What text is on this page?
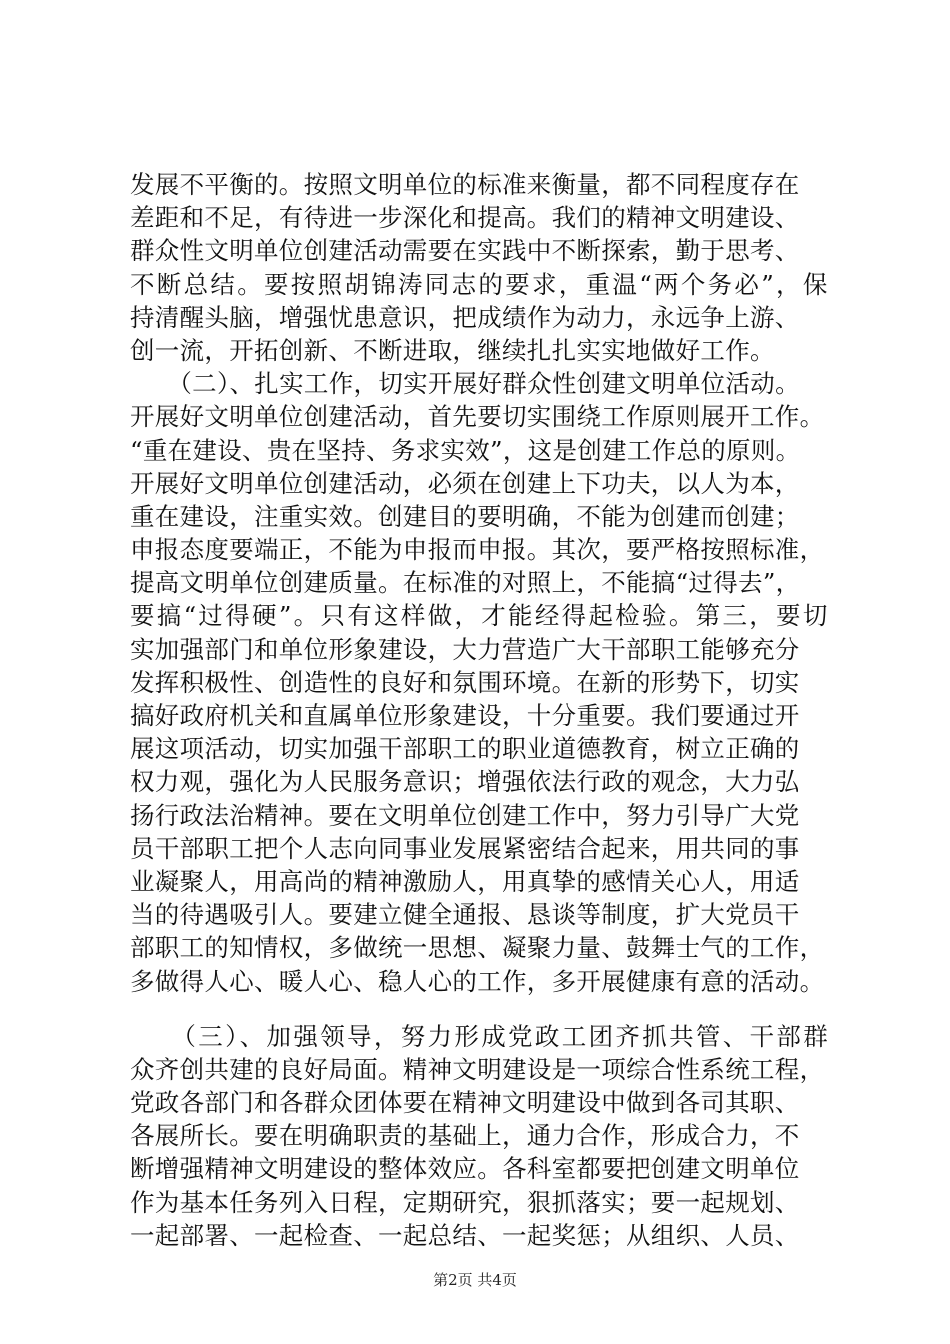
发展不平衡的。按照文明单位的标准来衡量，都不同程度存在
差距和不足，有待进一步深化和提高。我们的精神文明建设、
群众性文明单位创建活动需要在实践中不断探索，勤于思考、
不断总结。要按照胡锦涛同志的要求，重温“两个务必”，保
持清醒头脑，增强忧患意识，把成绩作为动力，永远争上游、
创一流，开拓创新、不断进取，继续扎扎实实地做好工作。
　　（二）、扎实工作，切实开展好群众性创建文明单位活动。
开展好文明单位创建活动，首先要切实围绕工作原则展开工作。
“重在建设、贵在坚持、务求实效”，这是创建工作总的原则。
开展好文明单位创建活动，必须在创建上下功夫，以人为本，
重在建设，注重实效。创建目的要明确，不能为创建而创建；
申报态度要端正，不能为申报而申报。其次，要严格按照标准，
提高文明单位创建质量。在标准的对照上，不能搞“过得去”，
要搞“过得硬”。只有这样做，才能经得起检验。第三，要切
实加强部门和单位形象建设，大力营造广大干部职工能够充分
发挥积极性、创造性的良好和氛围环境。在新的形势下，切实
搞好政府机关和直属单位形象建设，十分重要。我们要通过开
展这项活动，切实加强干部职工的职业道德教育，树立正确的
权力观，强化为人民服务意识；增强依法行政的观念，大力弘
扬行政法治精神。要在文明单位创建工作中，努力引导广大党
员干部职工把个人志向同事业发展紧密结合起来，用共同的事
业凝聚人，用高尚的精神激励人，用真挚的感情关心人，用适
当的待遇吸引人。要建立健全通报、恳谈等制度，扩大党员干
部职工的知情权，多做统一思想、凝聚力量、鼓舞士气的工作，
多做得人心、暖人心、稳人心的工作，多开展健康有意的活动。
　　（三）、加强领导，努力形成党政工团齐抓共管、干部群
众齐创共建的良好局面。精神文明建设是一项综合性系统工程，
党政各部门和各群众团体要在精神文明建设中做到各司其职、
各展所长。要在明确职责的基础上，通力合作，形成合力，不
断增强精神文明建设的整体效应。各科室都要把创建文明单位
作为基本任务列入日程，定期研究，狠抓落实；要一起规划、
一起部署、一起检查、一起总结、一起奖惩；从组织、人员、
第2页 共4页
